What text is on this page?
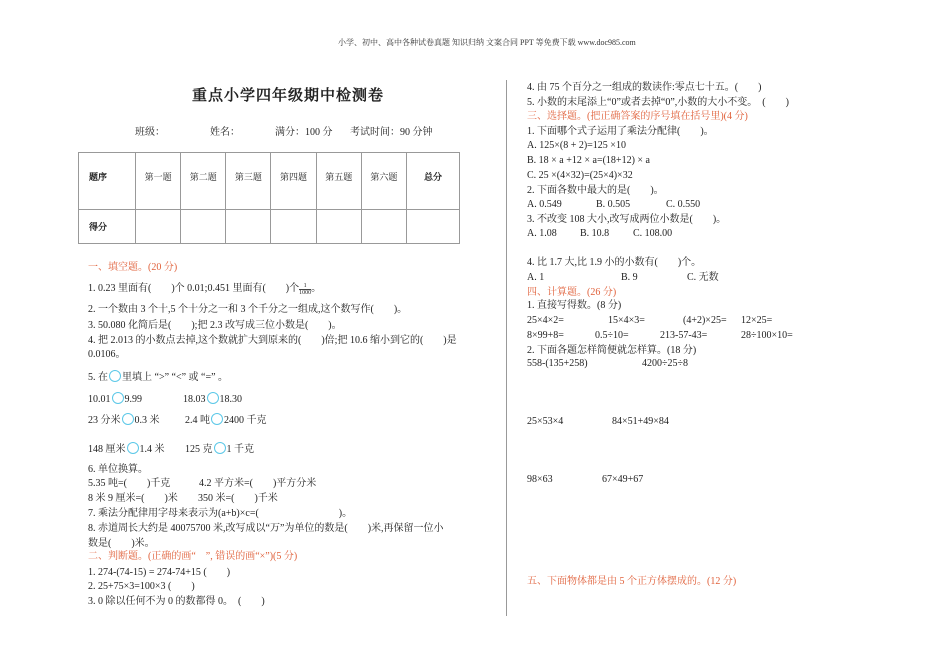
小学、初中、高中各种试卷真题 知识归纳 文案合同 PPT 等免费下载 www.doc985.com
重点小学四年级期中检测卷
班级：	姓名：	满分：100 分 考试时间：90 分钟
题序	第一题	第二题	第三题	第四题	第五题	第六题	总分
得分							
一、填空题。(20 分)
1. 0.23 里面有(　　)个 0.01;0.451 里面有(　　)个 $\frac{1}{1000}$ 。
2. 一个数由 3 个十,5 个十分之一和 3 个千分之一组成,这个数写作(　　)。
3. 50.080 化简后是(　　);把 2.3 改写成三位小数是(　　)。
4. 把 2.013 的小数点去掉,这个数就扩大到原来的(　　)倍;把 10.6 缩小到它的(　　)是
0.0106。
5. 在 里填上 “>” “<” 或 “=” 。
10.01 9.99	18.03 18.30
23 分米 0.3 米	2.4 吨 2400 千克
148 厘米 1.4 米 125 克 1 千克
6. 单位换算。
5.35 吨=(　　)千克	4.2 平方米=(　　)平方分米
8 米 9 厘米=(　　)米 350 米=(　　)千米
7. 乘法分配律用字母来表示为(a+b)×c=(　　　　　　　　)。
8. 赤道周长大约是 40075700 米,改写成以“万”为单位的数是(　　)米,再保留一位小
数是(　　)米。
二、判断题。(正确的画“　”, 错误的画“×”)(5 分)
1. 274-(74-15) = 274-74+15 (　　)
2. 25+75×3=100×3 (　　)
3. 0 除以任何不为 0 的数都得 0。　(　　)
4. 由 75 个百分之一组成的数读作:零点七十五。(　　)
5. 小数的末尾添上“0”或者去掉“0”,小数的大小不变。　(　　)
三、选择题。(把正确答案的序号填在括号里)(4 分)
1. 下面哪个式子运用了乘法分配律(　　)。
A. 125×(8 + 2)=125 ×10
B. 18 × a +12 × a=(18+12) × a
C. 25 ×(4×32)=(25×4)×32
2. 下面各数中最大的是(　　)。
A. 0.549	B. 0.505	C. 0.550
3. 不改变 108 大小,改写成两位小数是(　　)。
A. 1.08 B. 10.8 C. 108.00
4. 比 1.7 大,比 1.9 小的小数有(　　)个。
A. 1	B. 9	C. 无数
四、计算题。(26 分)
1. 直接写得数。(8 分)
25×4×2=	15×4×3=	(4+2)×25= 12×25=
8×99+8=	0.5÷10=	213-57-43=	28÷100×10=
2. 下面各题怎样简便就怎样算。(18 分)
558-(135+258)	4200÷25÷8
25×53×4	84×51+49×84
98×63	67×49+67
五、下面物体都是由 5 个正方体摆成的。(12 分)
